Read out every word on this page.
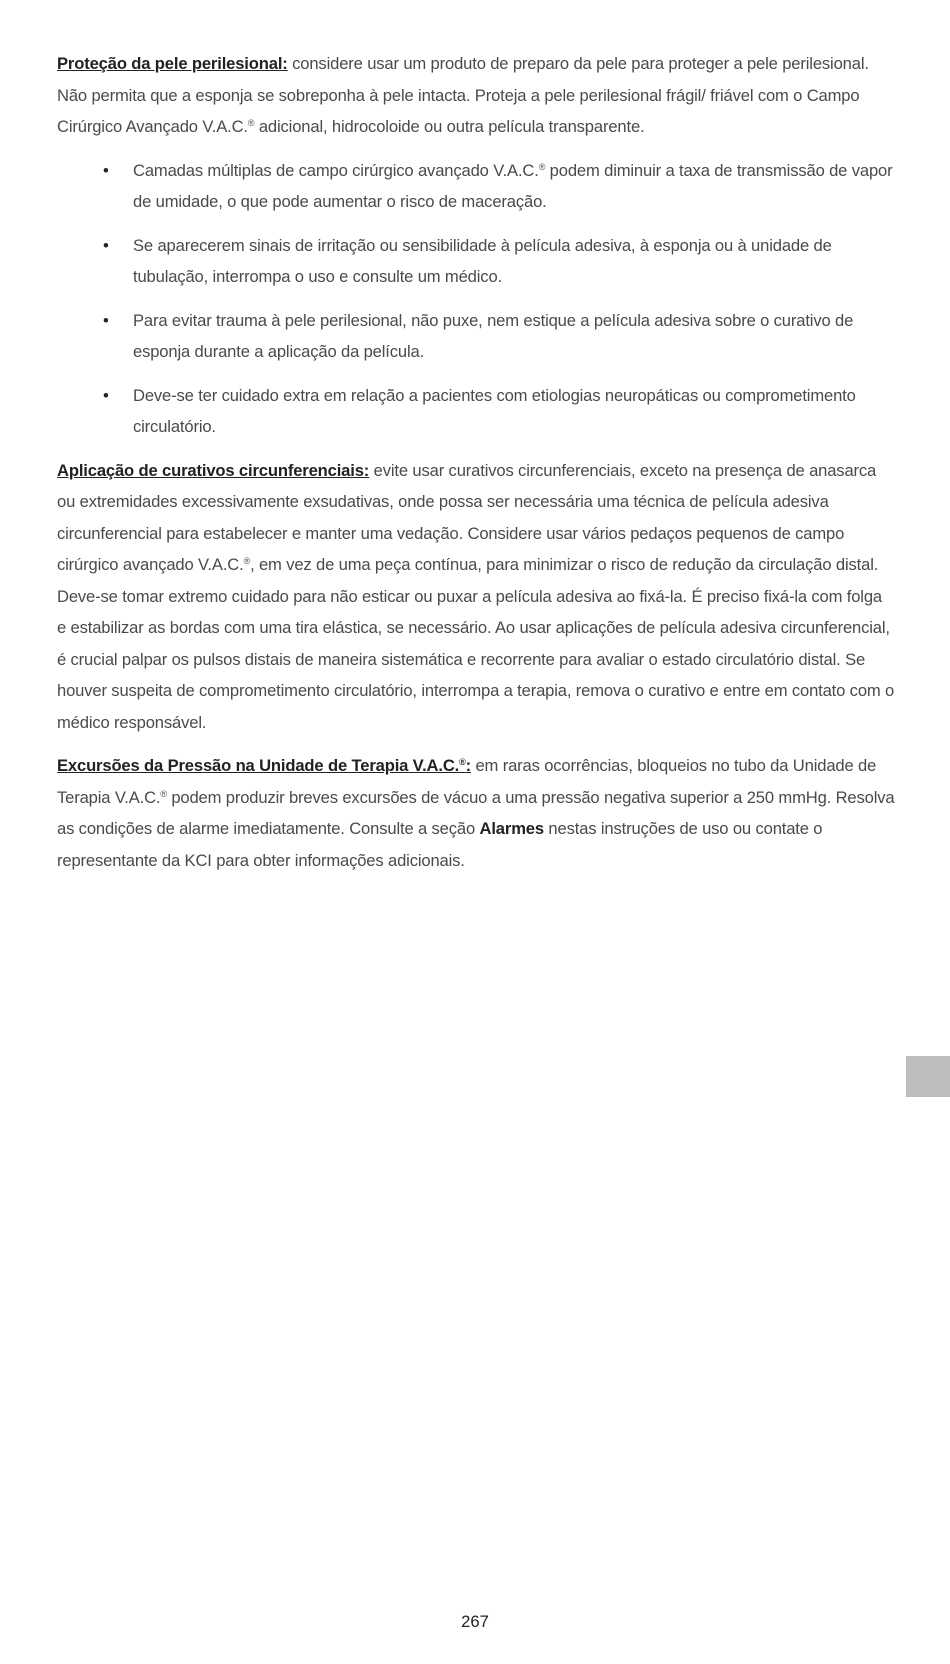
Proteção da pele perilesional: considere usar um produto de preparo da pele para proteger a pele perilesional. Não permita que a esponja se sobreponha à pele intacta. Proteja a pele perilesional frágil/ friável com o Campo Cirúrgico Avançado V.A.C.® adicional, hidrocoloide ou outra película transparente.

• Camadas múltiplas de campo cirúrgico avançado V.A.C.® podem diminuir a taxa de transmissão de vapor de umidade, o que pode aumentar o risco de maceração.
• Se aparecerem sinais de irritação ou sensibilidade à película adesiva, à esponja ou à unidade de tubulação, interrompa o uso e consulte um médico.
• Para evitar trauma à pele perilesional, não puxe, nem estique a película adesiva sobre o curativo de esponja durante a aplicação da película.
• Deve-se ter cuidado extra em relação a pacientes com etiologias neuropáticas ou comprometimento circulatório.

Aplicação de curativos circunferenciais: evite usar curativos circunferenciais, exceto na presença de anasarca ou extremidades excessivamente exsudativas, onde possa ser necessária uma técnica de película adesiva circunferencial para estabelecer e manter uma vedação. Considere usar vários pedaços pequenos de campo cirúrgico avançado V.A.C.®, em vez de uma peça contínua, para minimizar o risco de redução da circulação distal. Deve-se tomar extremo cuidado para não esticar ou puxar a película adesiva ao fixá-la. É preciso fixá-la com folga e estabilizar as bordas com uma tira elástica, se necessário. Ao usar aplicações de película adesiva circunferencial, é crucial palpar os pulsos distais de maneira sistemática e recorrente para avaliar o estado circulatório distal. Se houver suspeita de comprometimento circulatório, interrompa a terapia, remova o curativo e entre em contato com o médico responsável.

Excursões da Pressão na Unidade de Terapia V.A.C.®: em raras ocorrências, bloqueios no tubo da Unidade de Terapia V.A.C.® podem produzir breves excursões de vácuo a uma pressão negativa superior a 250 mmHg. Resolva as condições de alarme imediatamente. Consulte a seção Alarmes nestas instruções de uso ou contate o representante da KCI para obter informações adicionais.

267
